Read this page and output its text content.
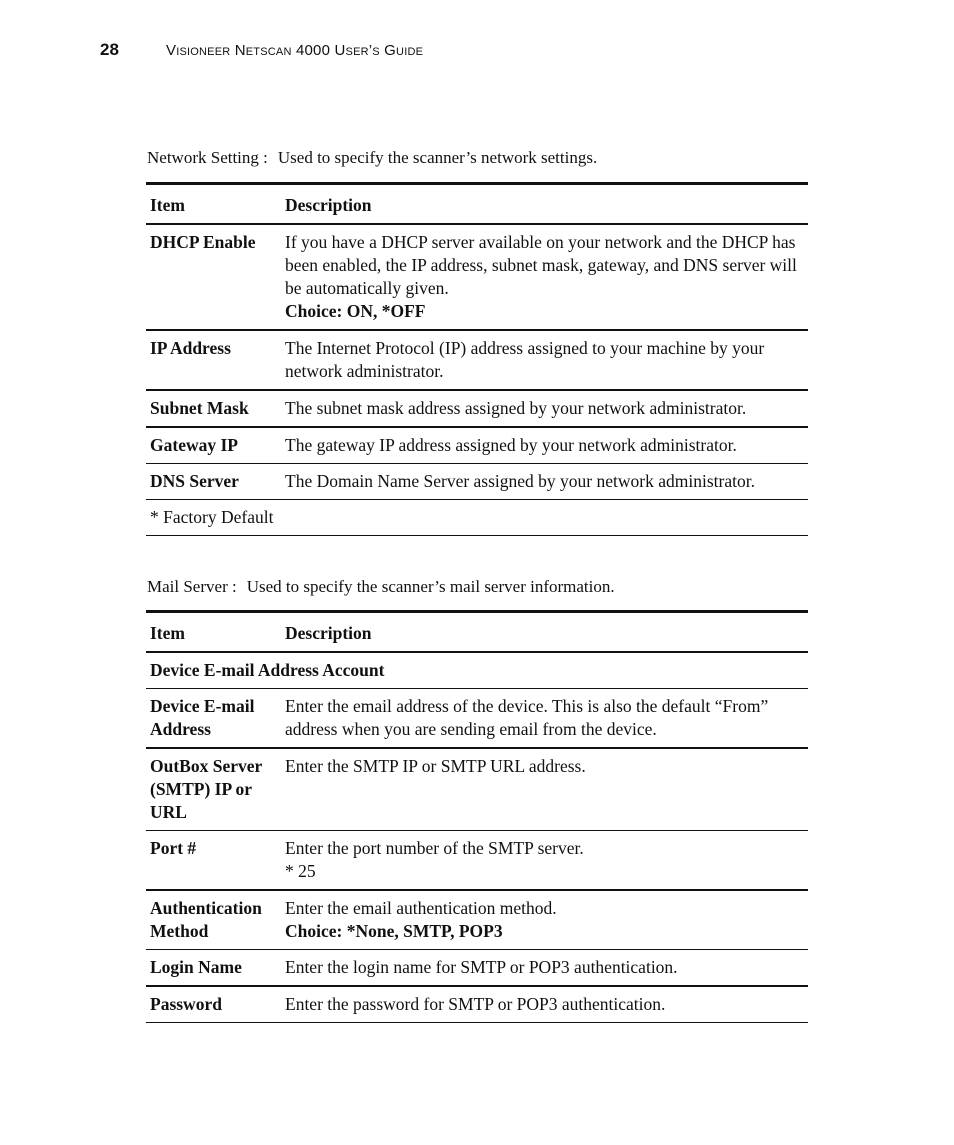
28	Visioneer Netscan 4000 User’s Guide
Network Setting : Used to specify the scanner’s network settings.
Item	Description
DHCP Enable	If you have a DHCP server available on your network and the DHCP has been enabled, the IP address, subnet mask, gateway, and DNS server will be automatically given.
Choice: ON, *OFF

IP Address	The Internet Protocol (IP) address assigned to your machine by your network administrator.
Subnet Mask	The subnet mask address assigned by your network administrator.
Gateway IP	The gateway IP address assigned by your network administrator.
DNS Server	The Domain Name Server assigned by your network administrator.
* Factory Default	
Mail Server : Used to specify the scanner’s mail server information.
Item	Description
Device E-mail Address Account	
Device E-mail Address	Enter the email address of the device. This is also the default “From” address when you are sending email from the device.
OutBox Server (SMTP) IP or URL	Enter the SMTP IP or SMTP URL address.
Port #	Enter the port number of the SMTP server.
* 25

Authentication Method	Enter the email authentication method.
Choice: *None, SMTP, POP3

Login Name	Enter the login name for SMTP or POP3 authentication.
Password	Enter the password for SMTP or POP3 authentication.
